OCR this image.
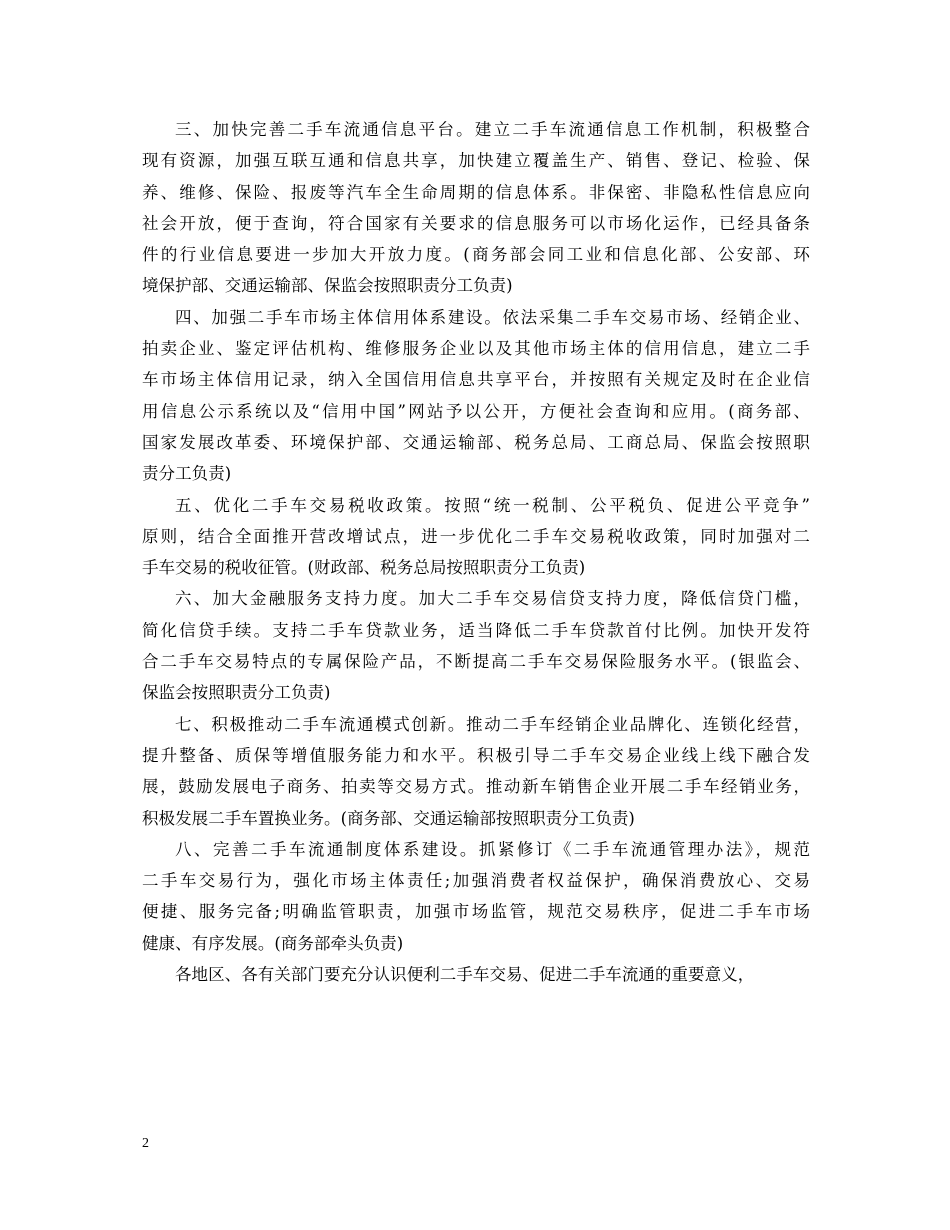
三、加快完善二手车流通信息平台。建立二手车流通信息工作机制，积极整合
现有资源，加强互联互通和信息共享，加快建立覆盖生产、销售、登记、检验、保
养、维修、保险、报废等汽车全生命周期的信息体系。非保密、非隐私性信息应向
社会开放，便于查询，符合国家有关要求的信息服务可以市场化运作，已经具备条
件的行业信息要进一步加大开放力度。(商务部会同工业和信息化部、公安部、环
境保护部、交通运输部、保监会按照职责分工负责)
四、加强二手车市场主体信用体系建设。依法采集二手车交易市场、经销企业、
拍卖企业、鉴定评估机构、维修服务企业以及其他市场主体的信用信息，建立二手
车市场主体信用记录，纳入全国信用信息共享平台，并按照有关规定及时在企业信
用信息公示系统以及“信用中国”网站予以公开，方便社会查询和应用。(商务部、
国家发展改革委、环境保护部、交通运输部、税务总局、工商总局、保监会按照职
责分工负责)
五、优化二手车交易税收政策。按照“统一税制、公平税负、促进公平竞争”
原则，结合全面推开营改增试点，进一步优化二手车交易税收政策，同时加强对二
手车交易的税收征管。(财政部、税务总局按照职责分工负责)
六、加大金融服务支持力度。加大二手车交易信贷支持力度，降低信贷门槛，
简化信贷手续。支持二手车贷款业务，适当降低二手车贷款首付比例。加快开发符
合二手车交易特点的专属保险产品，不断提高二手车交易保险服务水平。(银监会、
保监会按照职责分工负责)
七、积极推动二手车流通模式创新。推动二手车经销企业品牌化、连锁化经营，
提升整备、质保等增值服务能力和水平。积极引导二手车交易企业线上线下融合发
展，鼓励发展电子商务、拍卖等交易方式。推动新车销售企业开展二手车经销业务，
积极发展二手车置换业务。(商务部、交通运输部按照职责分工负责)
八、完善二手车流通制度体系建设。抓紧修订《二手车流通管理办法》，规范
二手车交易行为，强化市场主体责任;加强消费者权益保护，确保消费放心、交易
便捷、服务完备;明确监管职责，加强市场监管，规范交易秩序，促进二手车市场
健康、有序发展。(商务部牵头负责)
各地区、各有关部门要充分认识便利二手车交易、促进二手车流通的重要意义，
2
